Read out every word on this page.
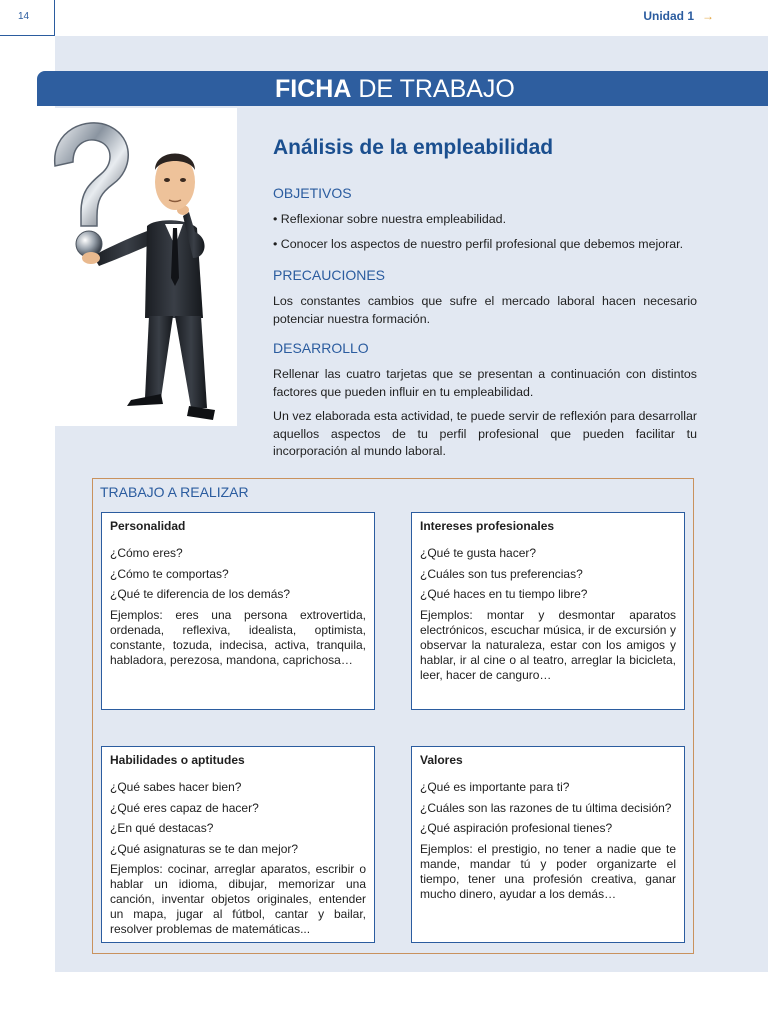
14	Unidad 1 →
FICHA DE TRABAJO
Análisis de la empleabilidad
OBJETIVOS
• Reflexionar sobre nuestra empleabilidad.
• Conocer los aspectos de nuestro perfil profesional que debemos mejorar.
PRECAUCIONES
Los constantes cambios que sufre el mercado laboral hacen necesario potenciar nuestra formación.
DESARROLLO
Rellenar las cuatro tarjetas que se presentan a continuación con distintos factores que pueden influir en tu empleabilidad.
Un vez elaborada esta actividad, te puede servir de reflexión para desarrollar aquellos aspectos de tu perfil profesional que pueden facilitar tu incorporación al mundo laboral.
TRABAJO A REALIZAR
Personalidad
¿Cómo eres?
¿Cómo te comportas?
¿Qué te diferencia de los demás?
Ejemplos: eres una persona extrovertida, ordenada, reflexiva, idealista, optimista, constante, tozuda, indecisa, activa, tranquila, habladora, perezosa, mandona, caprichosa…
Intereses profesionales
¿Qué te gusta hacer?
¿Cuáles son tus preferencias?
¿Qué haces en tu tiempo libre?
Ejemplos: montar y desmontar aparatos electrónicos, escuchar música, ir de excursión y observar la naturaleza, estar con los amigos y hablar, ir al cine o al teatro, arreglar la bicicleta, leer, hacer de canguro…
Habilidades o aptitudes
¿Qué sabes hacer bien?
¿Qué eres capaz de hacer?
¿En qué destacas?
¿Qué asignaturas se te dan mejor?
Ejemplos: cocinar, arreglar aparatos, escribir o hablar un idioma, dibujar, memorizar una canción, inventar objetos originales, entender un mapa, jugar al fútbol, cantar y bailar, resolver problemas de matemáticas...
Valores
¿Qué es importante para ti?
¿Cuáles son las razones de tu última decisión?
¿Qué aspiración profesional tienes?
Ejemplos: el prestigio, no tener a nadie que te mande, mandar tú y poder organizarte el tiempo, tener una profesión creativa, ganar mucho dinero, ayudar a los demás…
